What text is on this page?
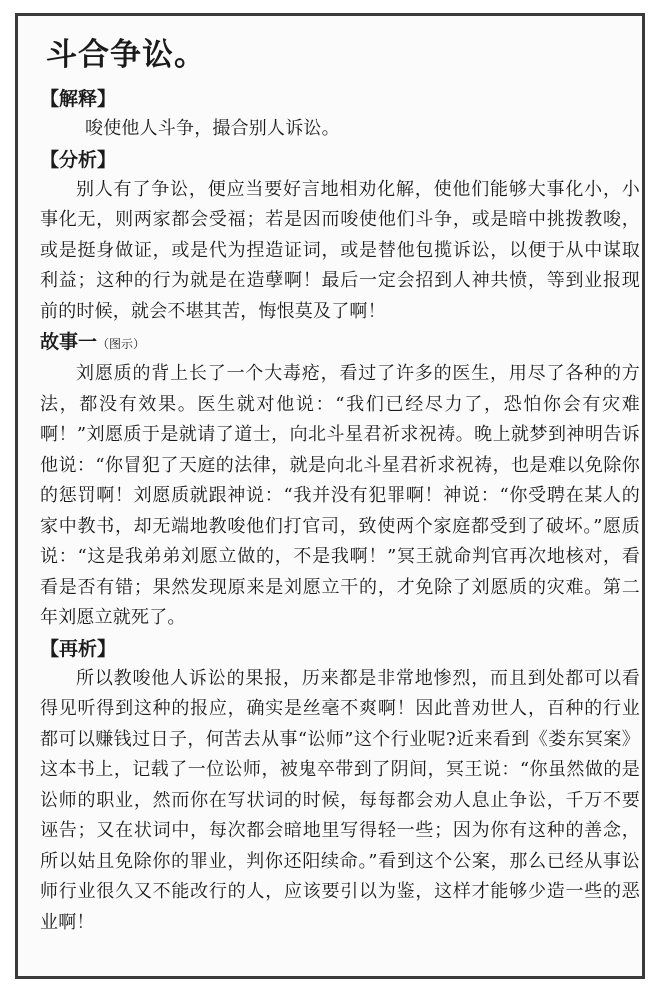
斗合争讼。
【解释】

唆使他人斗争，撮合别人诉讼。

【分析】

别人有了争讼，便应当要好言地相劝化解，使他们能够大事化小，小事化无，则两家都会受福；若是因而唆使他们斗争，或是暗中挑拨教唆，或是挺身做证，或是代为捏造证词，或是替他包揽诉讼，以便于从中谋取利益；这种的行为就是在造孽啊！最后一定会招到人神共愤，等到业报现前的时候，就会不堪其苦，悔恨莫及了啊！

故事一（图示）

刘愿质的背上长了一个大毒疮，看过了许多的医生，用尽了各种的方法，都没有效果。医生就对他说：“我们已经尽力了，恐怕你会有灾难啊！”刘愿质于是就请了道士，向北斗星君祈求祝祷。晚上就梦到神明告诉他说：“你冒犯了天庭的法律，就是向北斗星君祈求祝祷，也是难以免除你的惩罚啊！刘愿质就跟神说：“我并没有犯罪啊！神说：“你受聘在某人的家中教书，却无端地教唆他们打官司，致使两个家庭都受到了破坏。”愿质说：“这是我弟弟刘愿立做的，不是我啊！”冥王就命判官再次地核对，看看是否有错；果然发现原来是刘愿立干的，才免除了刘愿质的灾难。第二年刘愿立就死了。

【再析】

所以教唆他人诉讼的果报，历来都是非常地惨烈，而且到处都可以看得见听得到这种的报应，确实是丝毫不爽啊！因此普劝世人，百种的行业都可以赚钱过日子，何苦去从事“讼师”这个行业呢?近来看到《娄东冥案》这本书上，记载了一位讼师，被鬼卒带到了阴间，冥王说：“你虽然做的是讼师的职业，然而你在写状词的时候，每每都会劝人息止争讼，千万不要诬告；又在状词中，每次都会暗地里写得轻一些；因为你有这种的善念，所以姑且免除你的罪业，判你还阳续命。”看到这个公案，那么已经从事讼师行业很久又不能改行的人，应该要引以为鉴，这样才能够少造一些的恶业啊！
